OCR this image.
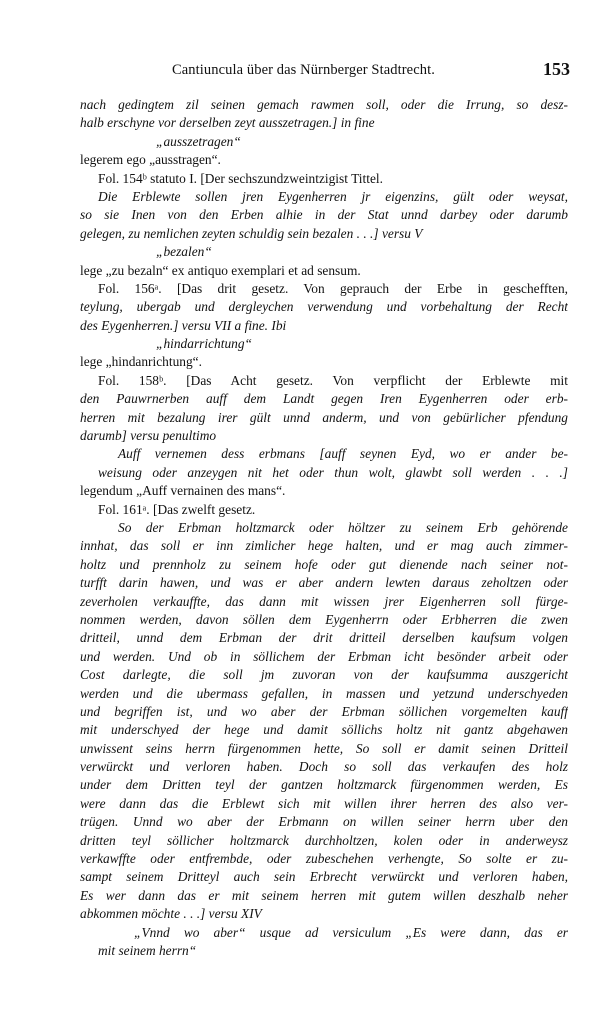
Cantiuncula über das Nürnberger Stadtrecht.	153
nach gedingtem zil seinen gemach rawmen soll, oder die Irrung, so desz-
halb erschyne vor derselben zeyt ausszetragen.] in fine
„ausszetragen“
legerem ego „ausstragen“.
Fol. 154ᵇ statuto I. [Der sechszundzweintzigist Tittel.
Die Erblewte sollen jren Eygenherren jr eigenzins, gült oder weysat,
so sie Inen von den Erben alhie in der Stat unnd darbey oder darumb
gelegen, zu nemlichen zeyten schuldig sein bezalen . . .] versu V
„bezalen“
lege „zu bezaln“ ex antiquo exemplari et ad sensum.
Fol. 156ᵃ. [Das drit gesetz. Von geprauch der Erbe in geschefften,
teylung, ubergab und dergleychen verwendung und vorbehaltung der Recht
des Eygenherren.] versu VII a fine. Ibi
„hindarrichtung“
lege „hindanrichtung“.
Fol. 158ᵇ. [Das Acht gesetz. Von verpflicht der Erblewte mit
den Pauwrnerben auff dem Landt gegen Iren Eygenherren oder erb-
herren mit bezalung irer gült unnd anderm, und von gebürlicher pfendung
darumb] versu penultimo
Auff vernemen dess erbmans [auff seynen Eyd, wo er ander be-
weisung oder anzeygen nit het oder thun wolt, glawbt soll werden . . .]
legendum „Auff vernainen des mans“.
Fol. 161ᵃ. [Das zwelft gesetz.
So der Erbman holtzmarck oder höltzer zu seinem Erb gehörende
innhat, das soll er inn zimlicher hege halten, und er mag auch zimmer-
holtz und prennholz zu seinem hofe oder gut dienende nach seiner not-
turfft darin hawen, und was er aber andern lewten daraus zeholtzen oder
zeverholen verkauffte, das dann mit wissen jrer Eigenherren soll fürge-
nommen werden, davon söllen dem Eygenherrn oder Erbherren die zwen
dritteil, unnd dem Erbman der drit dritteil derselben kaufsum volgen
und werden. Und ob in söllichem der Erbman icht besönder arbeit oder
Cost darlegte, die soll jm zuvoran von der kaufsumma auszgericht
werden und die ubermass gefallen, in massen und yetzund underschyeden
und begriffen ist, und wo aber der Erbman söllichen vorgemelten kauff
mit underschyed der hege und damit söllichs holtz nit gantz abgehawen
unwissent seins herrn fürgenommen hette, So soll er damit seinen Dritteil
verwürckt und verloren haben. Doch so soll das verkaufen des holz
under dem Dritten teyl der gantzen holtzmarck fürgenommen werden, Es
were dann das die Erblewt sich mit willen ihrer herren des also ver-
trügen. Unnd wo aber der Erbmann on willen seiner herrn uber den
dritten teyl söllicher holtzmarck durchholtzen, kolen oder in anderweysz
verkawffte oder entfrembde, oder zubeschehen verhengte, So solte er zu-
sampt seinem Dritteyl auch sein Erbrecht verwürckt und verloren haben,
Es wer dann das er mit seinem herren mit gutem willen deszhalb neher
abkommen möchte . . .] versu XIV
„Vnnd wo aber“ usque ad versiculum „Es were dann, das er
mit seinem herrn“
